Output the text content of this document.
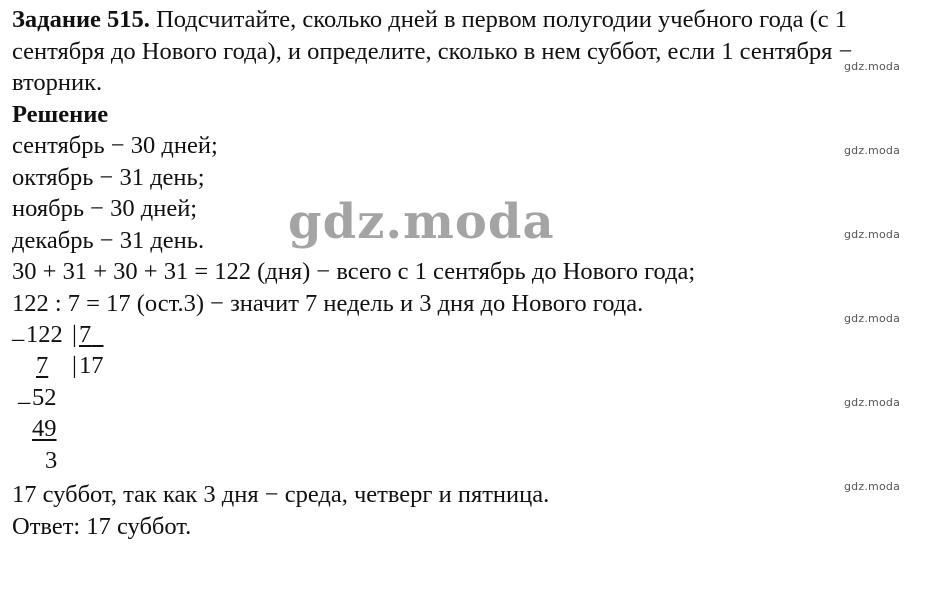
Задание 515. Подсчитайте, сколько дней в первом полугодии учебного года (с 1 сентября до Нового года), и определите, сколько в нем суббот, если 1 сентября − вторник.
Решение
сентябрь − 30 дней;
октябрь − 31 день;
ноябрь − 30 дней;
декабрь − 31 день.
30 + 31 + 30 + 31 = 122 (дня) − всего с 1 сентябрь до Нового года;
122 : 7 = 17 (ост.3) − значит 7 недель и 3 дня до Нового года.
_ 122 | 7
7 | 17
_ 52
49
3
17 суббот, так как 3 дня − среда, четверг и пятница.
Ответ: 17 суббот.
gdz.moda
gdz.moda
gdz.moda
gdz.moda
gdz.moda
gdz.moda
gdz.moda
